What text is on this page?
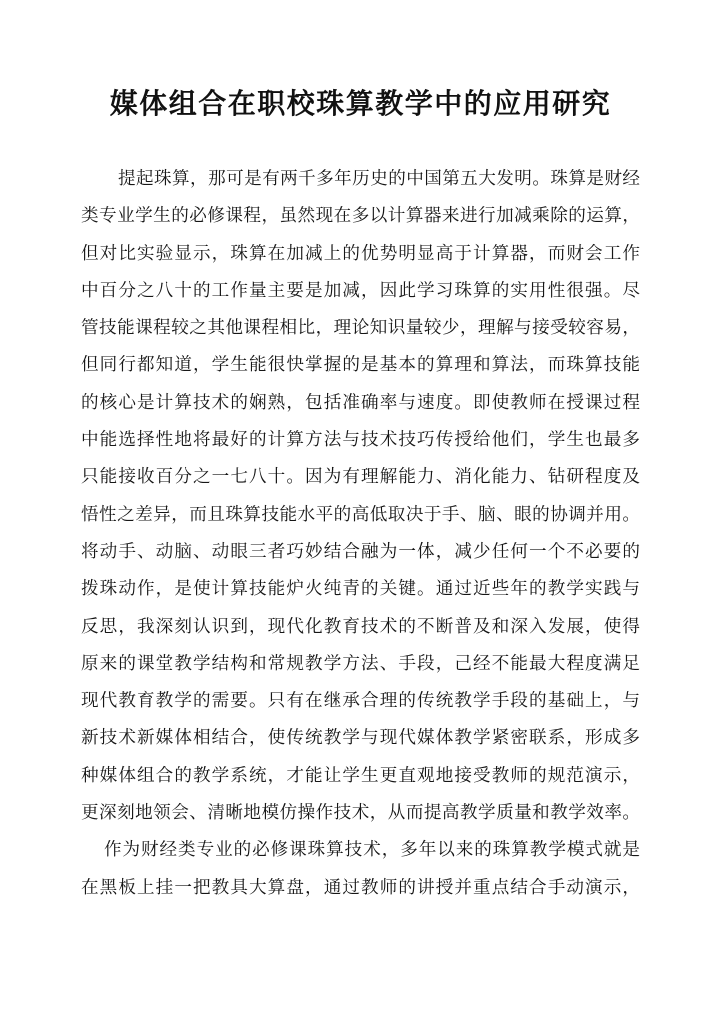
媒体组合在职校珠算教学中的应用研究
提起珠算，那可是有两千多年历史的中国第五大发明。珠算是财经
类专业学生的必修课程，虽然现在多以计算器来进行加减乘除的运算，
但对比实验显示，珠算在加减上的优势明显高于计算器，而财会工作
中百分之八十的工作量主要是加减，因此学习珠算的实用性很强。尽
管技能课程较之其他课程相比，理论知识量较少，理解与接受较容易，
但同行都知道，学生能很快掌握的是基本的算理和算法，而珠算技能
的核心是计算技术的娴熟，包括准确率与速度。即使教师在授课过程
中能选择性地将最好的计算方法与技术技巧传授给他们，学生也最多
只能接收百分之一七八十。因为有理解能力、消化能力、钻研程度及
悟性之差异，而且珠算技能水平的高低取决于手、脑、眼的协调并用。
将动手、动脑、动眼三者巧妙结合融为一体，减少任何一个不必要的
拨珠动作，是使计算技能炉火纯青的关键。通过近些年的教学实践与
反思，我深刻认识到，现代化教育技术的不断普及和深入发展，使得
原来的课堂教学结构和常规教学方法、手段，己经不能最大程度满足
现代教育教学的需要。只有在继承合理的传统教学手段的基础上，与
新技术新媒体相结合，使传统教学与现代媒体教学紧密联系，形成多
种媒体组合的教学系统，才能让学生更直观地接受教师的规范演示，
更深刻地领会、清晰地模仿操作技术，从而提高教学质量和教学效率。
作为财经类专业的必修课珠算技术，多年以来的珠算教学模式就是
在黑板上挂一把教具大算盘，通过教师的讲授并重点结合手动演示，
